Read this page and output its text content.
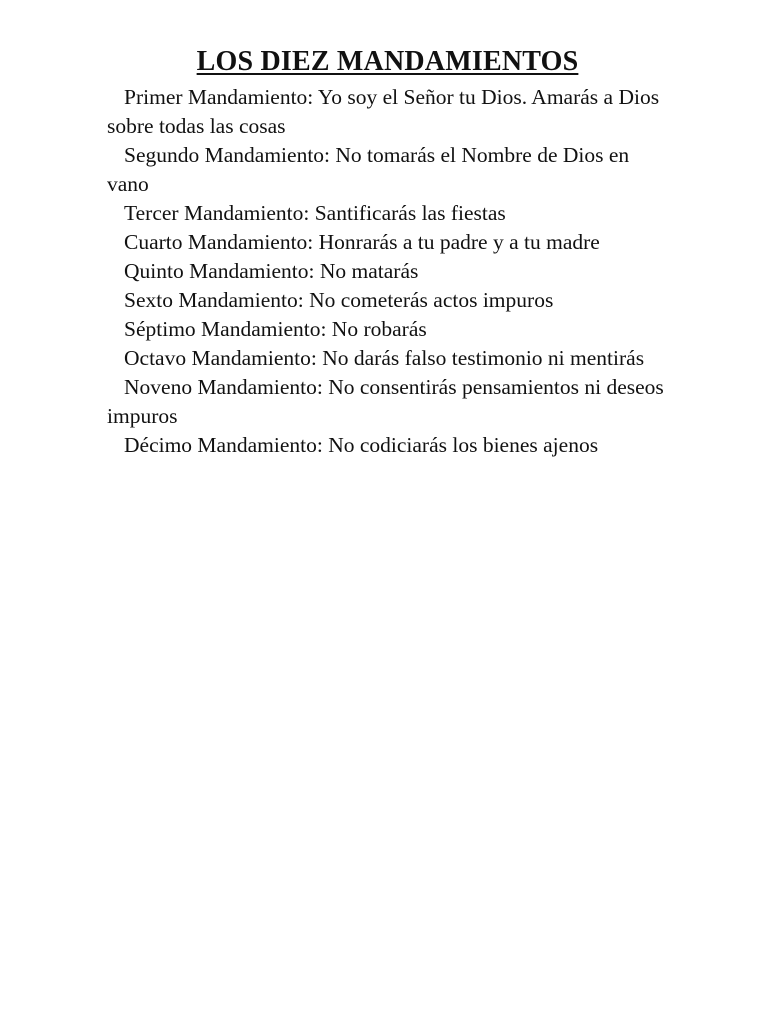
LOS DIEZ MANDAMIENTOS

Primer Mandamiento: Yo soy el Señor tu Dios. Amarás a Dios sobre todas las cosas

Segundo Mandamiento: No tomarás el Nombre de Dios en vano

Tercer Mandamiento: Santificarás las fiestas

Cuarto Mandamiento: Honrarás a tu padre y a tu madre

Quinto Mandamiento: No matarás

Sexto Mandamiento: No cometerás actos impuros

Séptimo Mandamiento: No robarás

Octavo Mandamiento: No darás falso testimonio ni mentirás

Noveno Mandamiento: No consentirás pensamientos ni deseos impuros

Décimo Mandamiento: No codiciarás los bienes ajenos
